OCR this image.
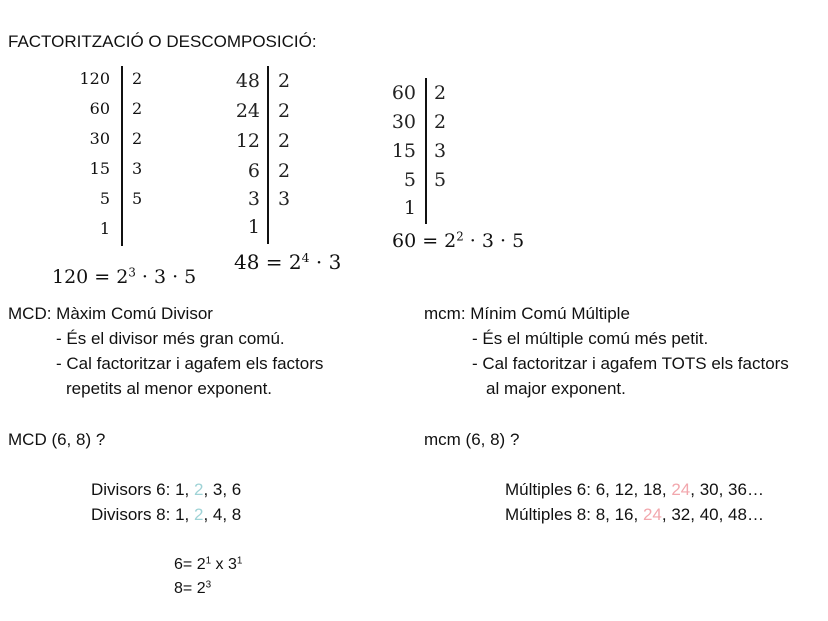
FACTORITZACIÓ O DESCOMPOSICIÓ:
120 2
60 2
30 2
15 3
5 5
1
$120 = 2^3 \cdot 3 \cdot 5$
48 2
24 2
12 2
6 2
3 3
1
$48 = 2^4 \cdot 3$
60 2
30 2
15 3
5 5
1
$60 = 2^2 \cdot 3 \cdot 5$
MCD: Màxim Comú Divisor
- És el divisor més gran comú.
- Cal factoritzar i agafem els factors
repetits al menor exponent.
MCD (6, 8) ?
Divisors 6: 1, 2, 3, 6
Divisors 8: 1, 2, 4, 8
$6= 2^1$ x $3^1$
$8= 2^3$
mcm: Mínim Comú Múltiple
- És el múltiple comú més petit.
- Cal factoritzar i agafem TOTS els factors
al major exponent.
mcm (6, 8) ?
Múltiples 6: 6, 12, 18, 24, 30, 36…
Múltiples 8: 8, 16, 24, 32, 40, 48…
